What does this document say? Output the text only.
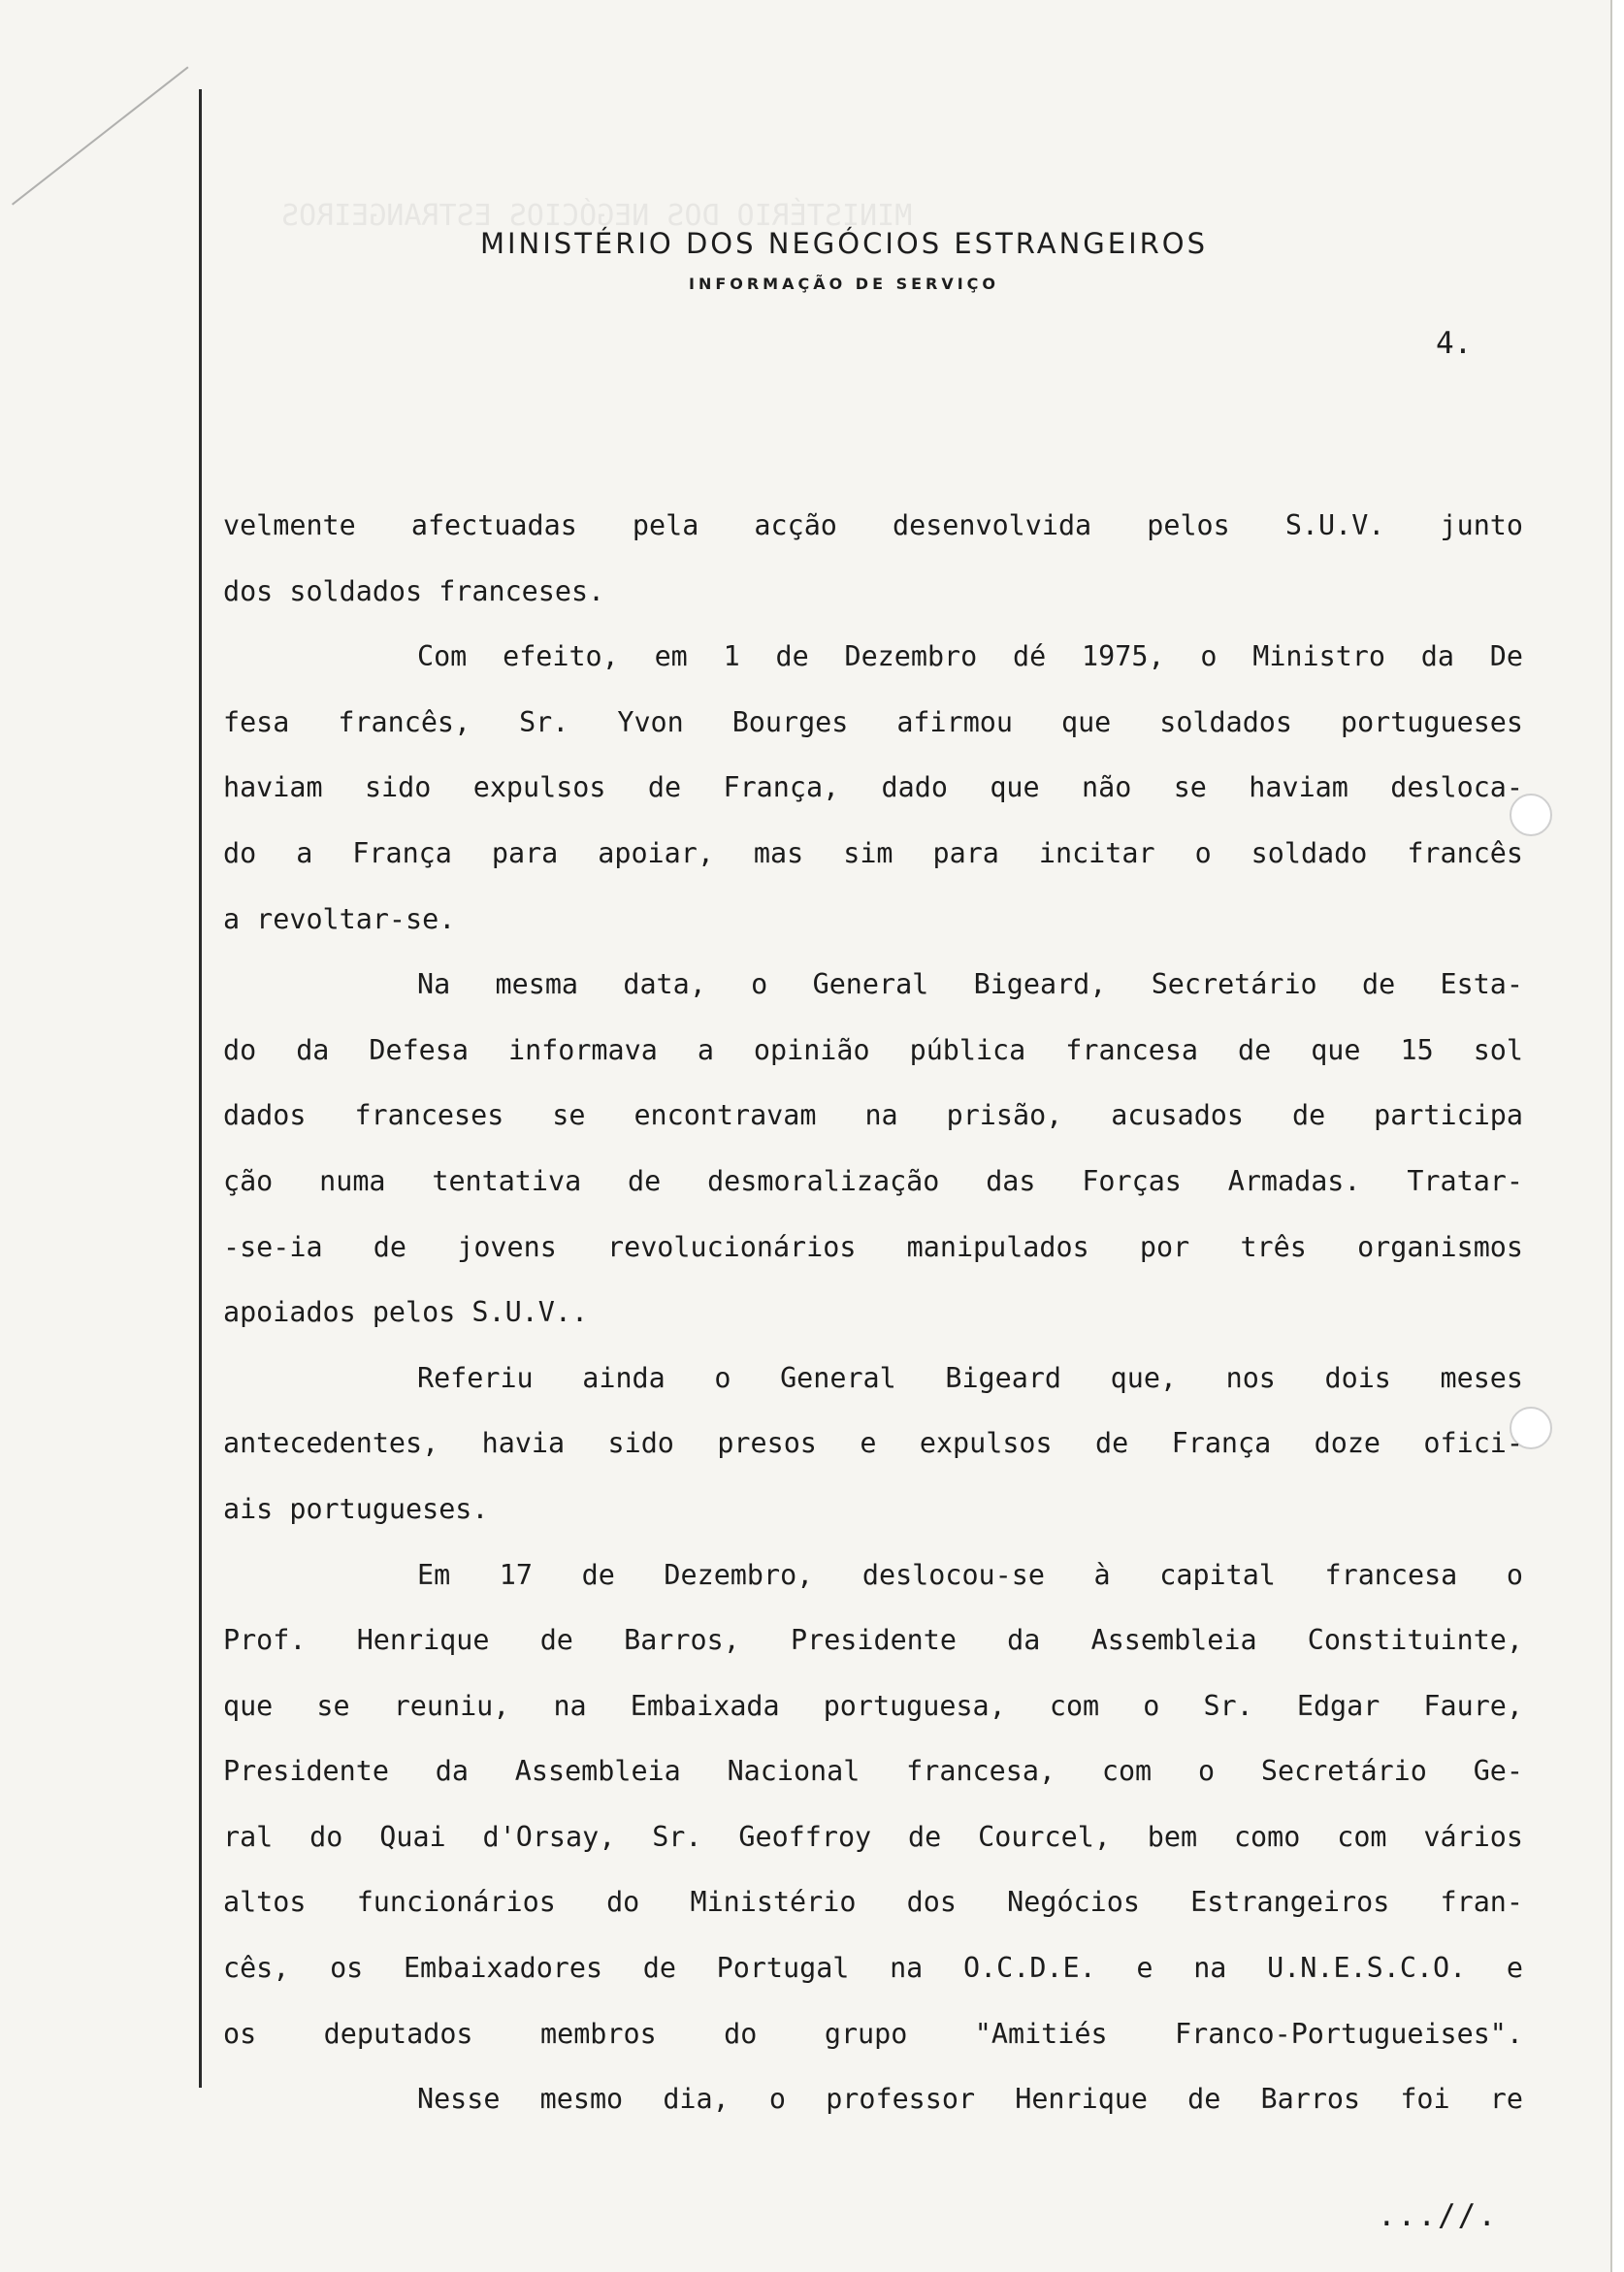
MINISTÉRIO DOS NEGÓCIOS ESTRANGEIROS
MINISTÉRIO DOS NEGÓCIOS ESTRANGEIROS
INFORMAÇÃO DE SERVIÇO
4.
velmente afectuadas pela acção desenvolvida pelos S.U.V. junto
dos soldados franceses.
Com efeito, em 1 de Dezembro dé 1975, o Ministro da De
fesa francês, Sr. Yvon Bourges afirmou que soldados portugueses
haviam sido expulsos de França, dado que não se haviam desloca-
do a França para apoiar, mas sim para incitar o soldado francês
a revoltar-se.
Na mesma data, o General Bigeard, Secretário de Esta-
do da Defesa informava a opinião pública francesa de que 15 sol
dados franceses se encontravam na prisão, acusados de participa
ção numa tentativa de desmoralização das Forças Armadas. Tratar-
-se-ia de jovens revolucionários manipulados por três organismos
apoiados pelos S.U.V..
Referiu ainda o General Bigeard que, nos dois meses
antecedentes, havia sido presos e expulsos de França doze ofici-
ais portugueses.
Em 17 de Dezembro, deslocou-se à capital francesa o
Prof. Henrique de Barros, Presidente da Assembleia Constituinte,
que se reuniu, na Embaixada portuguesa, com o Sr. Edgar Faure,
Presidente da Assembleia Nacional francesa, com o Secretário Ge-
ral do Quai d'Orsay, Sr. Geoffroy de Courcel, bem como com vários
altos funcionários do Ministério dos Negócios Estrangeiros fran-
cês, os Embaixadores de Portugal na O.C.D.E. e na U.N.E.S.C.O. e
os deputados membros do grupo "Amitiés Franco-Portugueises".
Nesse mesmo dia, o professor Henrique de Barros foi re
...//.
